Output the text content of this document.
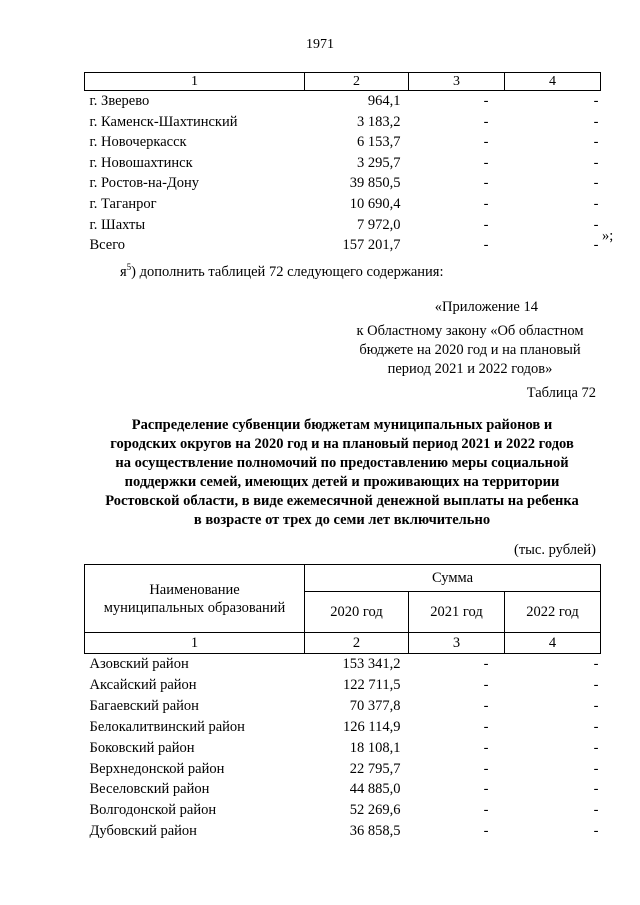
1971
1	2	3	4
г. Зверево	964,1	-	-
г. Каменск-Шахтинский	3 183,2	-	-
г. Новочеркасск	6 153,7	-	-
г. Новошахтинск	3 295,7	-	-
г. Ростов-на-Дону	39 850,5	-	-
г. Таганрог	10 690,4	-	-
г. Шахты	7 972,0	-	-
Всего	157 201,7	-	-
$я^5$) дополнить таблицей 72 следующего содержания:
«Приложение 14
к Областному закону «Об областном
бюджете на 2020 год и на плановый
период 2021 и 2022 годов»
Таблица 72
Распределение субвенции бюджетам муниципальных районов и
городских округов на 2020 год и на плановый период 2021 и 2022 годов
на осуществление полномочий по предоставлению меры социальной
поддержки семей, имеющих детей и проживающих на территории
Ростовской области, в виде ежемесячной денежной выплаты на ребенка
в возрасте от трех до семи лет включительно
(тыс. рублей)
Наименование
муниципальных образований	Сумма		
	2020 год	2021 год	2022 год
1	2	3	4
Азовский район	153 341,2	-	-
Аксайский район	122 711,5	-	-
Багаевский район	70 377,8	-	-
Белокалитвинский район	126 114,9	-	-
Боковский район	18 108,1	-	-
Верхнедонской район	22 795,7	-	-
Веселовский район	44 885,0	-	-
Волгодонской район	52 269,6	-	-
Дубовский район	36 858,5	-	-
»;
